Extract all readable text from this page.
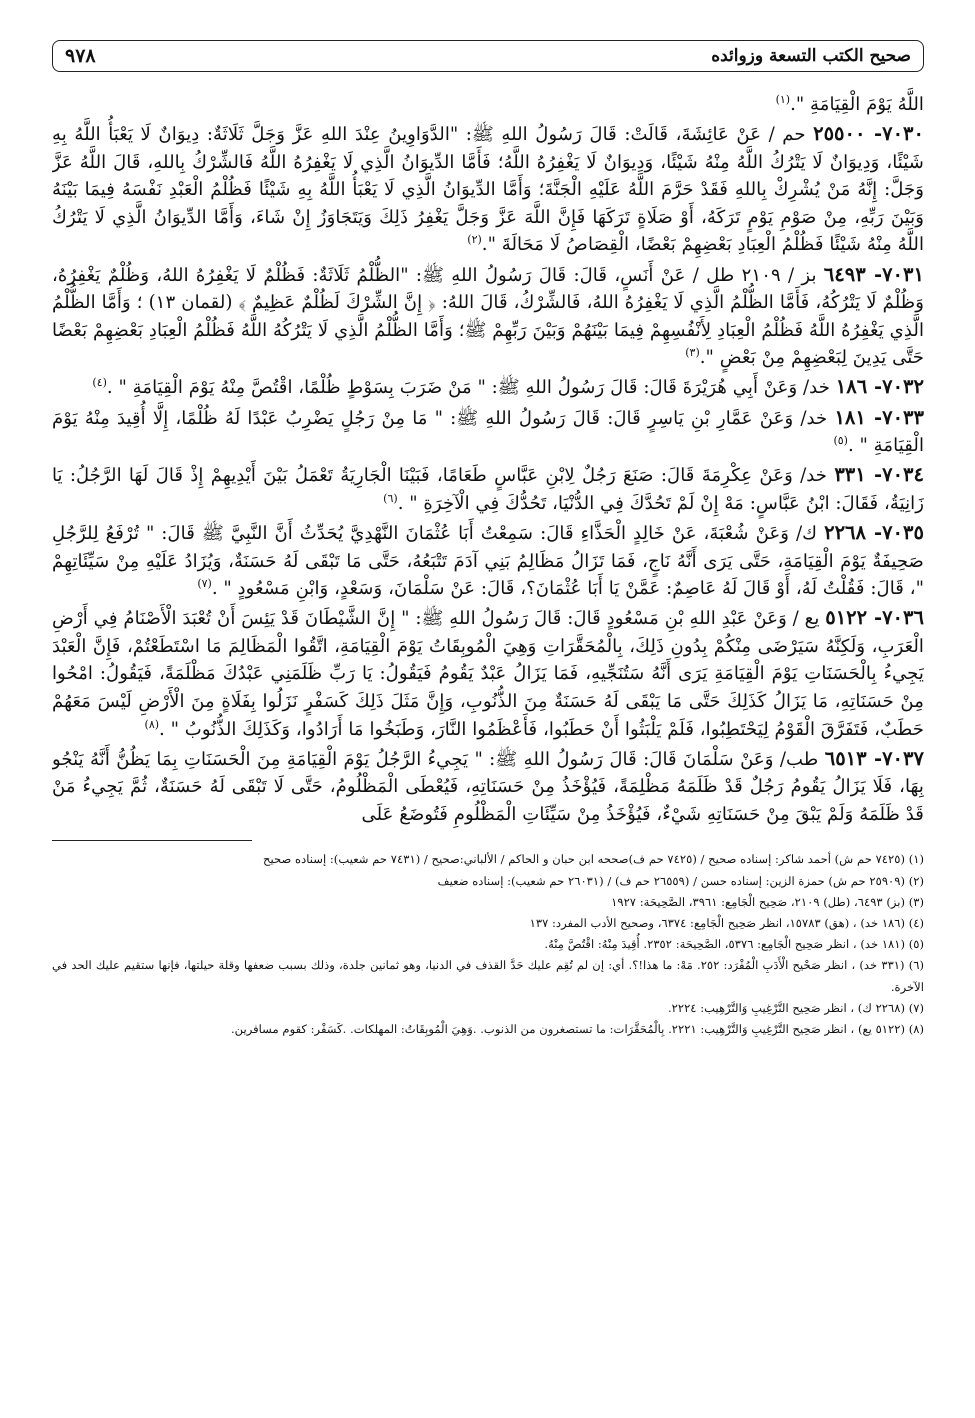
صحيح الكتب التسعة وزوائده
٩٧٨

اللَّهُ يَوْمَ الْقِيَامَةِ ".$^{(١)}$

٧٠٣٠- ٢٥٥٠٠ حم / عَنْ عَائِشَةَ، قَالَتْ: قَالَ رَسُولُ اللهِ ﷺ: "الدَّوَاوِينُ عِنْدَ اللهِ عَزَّ وَجَلَّ ثَلَاثَةٌ: دِيوَانٌ لَا يَعْبَأُ اللَّهُ بِهِ شَيْئًا، وَدِيوَانٌ لَا يَتْرُكُ اللَّهُ مِنْهُ شَيْئًا، وَدِيوَانٌ لَا يَغْفِرُهُ اللَّهُ؛ فَأَمَّا الدِّيوَانُ الَّذِي لَا يَغْفِرُهُ اللَّهُ فَالشِّرْكُ بِاللهِ، قَالَ اللَّهُ عَزَّ وَجَلَّ: إِنَّهُ مَنْ يُشْرِكْ بِاللهِ فَقَدْ حَرَّمَ اللَّهُ عَلَيْهِ الْجَنَّةَ؛ وَأَمَّا الدِّيوَانُ الَّذِي لَا يَعْبَأُ اللَّهُ بِهِ شَيْئًا فَظُلْمُ الْعَبْدِ نَفْسَهُ فِيمَا بَيْنَهُ وَبَيْنَ رَبِّهِ، مِنْ صَوْمِ يَوْمٍ تَرَكَهُ، أَوْ صَلَاةٍ تَرَكَهَا فَإِنَّ اللَّهَ عَزَّ وَجَلَّ يَغْفِرُ ذَلِكَ وَيَتَجَاوَزُ إِنْ شَاءَ، وَأَمَّا الدِّيوَانُ الَّذِي لَا يَتْرُكُ اللَّهُ مِنْهُ شَيْئًا فَظُلْمُ الْعِبَادِ بَعْضِهِمْ بَعْضًا، الْقِصَاصُ لَا مَحَالَةَ ".$^{(٢)}$

٧٠٣١- ٦٤٩٣ بز / ٢١٠٩ طل / عَنْ أَنَسٍ، قَالَ: قَالَ رَسُولُ اللهِ ﷺ: "الظُّلْمُ ثَلَاثَةٌ: فَظُلْمٌ لَا يَغْفِرُهُ اللهُ، وَظُلْمٌ يَغْفِرُهُ، وَظُلْمٌ لَا يَتْرُكُهُ، فَأَمَّا الظُّلْمُ الَّذِي لَا يَغْفِرُهُ اللهُ، فَالشِّرْكُ، قَالَ اللهُ: ﴿ إِنَّ الشِّرْكَ لَظُلْمٌ عَظِيمٌ ﴾ (لقمان ١٣) ؛ وَأَمَّا الظُّلْمُ الَّذِي يَغْفِرُهُ اللَّهُ فَظُلْمُ الْعِبَادِ لِأَنْفُسِهِمْ فِيمَا بَيْنَهُمْ وَبَيْنَ رَبِّهِمْ ﷺ؛ وَأَمَّا الظُّلْمُ الَّذِي لَا يَتْرُكُهُ اللَّهُ فَظُلْمُ الْعِبَادِ بَعْضِهِمْ بَعْضًا حَتَّى يَدِينَ لِبَعْضِهِمْ مِنْ بَعْضٍ ".$^{(٣)}$

٧٠٣٢- ١٨٦ خد/ وَعَنْ أَبِي هُرَيْرَةَ قَالَ: قَالَ رَسُولُ اللهِ ﷺ: " مَنْ ضَرَبَ بِسَوْطٍ ظُلْمًا، اقْتُصَّ مِنْهُ يَوْمَ الْقِيَامَةِ " .$^{(٤)}$

٧٠٣٣- ١٨١ خد/ وَعَنْ عَمَّارِ بْنِ يَاسِرٍ قَالَ: قَالَ رَسُولُ اللهِ ﷺ: " مَا مِنْ رَجُلٍ يَضْرِبُ عَبْدًا لَهُ ظُلْمًا، إِلَّا أُقِيدَ مِنْهُ يَوْمَ الْقِيَامَةِ " .$^{(٥)}$

٧٠٣٤- ٣٣١ خد/ وَعَنْ عِكْرِمَةَ قَالَ: صَنَعَ رَجُلٌ لِابْنِ عَبَّاسٍ طَعَامًا، فَبَيْنَا الْجَارِيَةُ تَعْمَلُ بَيْنَ أَيْدِيهِمْ إِذْ قَالَ لَهَا الرَّجُلُ: يَا زَانِيَةُ، فَقَالَ: ابْنُ عَبَّاسٍ: مَهْ إِنْ لَمْ تَحُدَّكَ فِي الدُّنْيَا، تَحُدُّكَ فِي الْآخِرَةِ " .$^{(٦)}$

٧٠٣٥- ٢٢٦٨ ك/ وَعَنْ شُعْبَةَ، عَنْ خَالِدٍ الْحَذَّاءِ قَالَ: سَمِعْتُ أَبَا عُثْمَانَ النَّهْدِيَّ يُحَدِّثُ أَنَّ النَّبِيَّ ﷺ قَالَ: " تُرْفَعُ لِلرَّجُلِ صَحِيفَةٌ يَوْمَ الْقِيَامَةِ، حَتَّى يَرَى أَنَّهُ نَاجٍ، فَمَا تَزَالُ مَظَالِمُ بَنِي آدَمَ تَتْبَعُهُ، حَتَّى مَا تَبْقَى لَهُ حَسَنَةٌ، وَيُزَادُ عَلَيْهِ مِنْ سَيِّئَاتِهِمْ "، قَالَ: فَقُلْتُ لَهُ، أَوْ قَالَ لَهُ عَاصِمٌ: عَمَّنْ يَا أَبَا عُثْمَانَ؟، قَالَ: عَنْ سَلْمَانَ، وَسَعْدٍ، وَابْنِ مَسْعُودٍ " .$^{(٧)}$

٧٠٣٦- ٥١٢٢ يع / وَعَنْ عَبْدِ اللهِ بْنِ مَسْعُودٍ قَالَ: قَالَ رَسُولُ اللهِ ﷺ: " إِنَّ الشَّيْطَانَ قَدْ يَئِسَ أَنْ تُعْبَدَ الْأَصْنَامُ فِي أَرْضِ الْعَرَبِ، وَلَكِنَّهُ سَيَرْضَى مِنْكُمْ بِدُونِ ذَلِكَ، بِالْمُحَقَّرَاتِ وَهِيَ الْمُوبِقَاتُ يَوْمَ الْقِيَامَةِ، اتَّقُوا الْمَظَالِمَ مَا اسْتَطَعْتُمْ، فَإِنَّ الْعَبْدَ يَجِيءُ بِالْحَسَنَاتِ يَوْمَ الْقِيَامَةِ يَرَى أَنَّهُ سَتُنَجِّيهِ، فَمَا يَزَالُ عَبْدٌ يَقُومُ فَيَقُولُ: يَا رَبِّ ظَلَمَنِي عَبْدُكَ مَظْلَمَةً، فَيَقُولُ: امْحُوا مِنْ حَسَنَاتِهِ، مَا يَزَالُ كَذَلِكَ حَتَّى مَا يَبْقَى لَهُ حَسَنَةٌ مِنَ الذُّنُوبِ، وَإِنَّ مَثَلَ ذَلِكَ كَسَفْرٍ نَزَلُوا بِفَلَاةٍ مِنَ الْأَرْضِ لَيْسَ مَعَهُمْ حَطَبٌ، فَتَفَرَّقَ الْقَوْمُ لِيَحْتَطِبُوا، فَلَمْ يَلْبَثُوا أَنْ حَطَبُوا، فَأَعْظَمُوا النَّارَ، وَطَبَخُوا مَا أَرَادُوا، وَكَذَلِكَ الذُّنُوبُ " .$^{(٨)}$

٧٠٣٧- ٦٥١٣ طب/ وَعَنْ سَلْمَانَ قَالَ: قَالَ رَسُولُ اللهِ ﷺ: " يَجِيءُ الرَّجُلُ يَوْمَ الْقِيَامَةِ مِنَ الْحَسَنَاتِ بِمَا يَظُنُّ أَنَّهُ يَنْجُو بِهَا، فَلَا يَزَالُ يَقُومُ رَجُلٌ قَدْ ظَلَمَهُ مَظْلِمَةً، فَيُؤْخَذُ مِنْ حَسَنَاتِهِ، فَيُعْطَى الْمَظْلُومُ، حَتَّى لَا تَبْقَى لَهُ حَسَنَةٌ، ثُمَّ يَجِيءُ مَنْ قَدْ ظَلَمَهُ وَلَمْ يَبْقَ مِنْ حَسَنَاتِهِ شَيْءٌ، فَيُؤْخَذُ مِنْ سَيِّئَاتِ الْمَظْلُومِ فَتُوضَعُ عَلَى

(١) (٧٤٢٥ حم ش) أحمد شاكر: إسناده صحيح / (٧٤٢٥ حم ف)صححه ابن حبان و الحاكم / الألباني:صحيح / (٧٤٣١ حم شعيب): إسناده صحيح

(٢) (٢٥٩٠٩ حم ش) حمزة الزين: إسناده حسن / (٢٦٥٥٩ حم ف) / (٢٦٠٣١ حم شعيب): إسناده ضعيف

(٣) (بز) ٦٤٩٣، (طل) ٢١٠٩، صَحِيح الْجَامِع: ٣٩٦١، الصَّحِيحَة: ١٩٢٧

(٤) (١٨٦ خد) ، (هق) ١٥٧٨٣، انظر صَحِيح الْجَامِع: ٦٣٧٤، وصحيح الأدب المفرد: ١٣٧

(٥) (١٨١ خد) ، انظر صَحِيح الْجَامِع: ٥٣٧٦، الصَّحِيحَة: ٢٣٥٢. أُقِيدَ مِنْهُ: اقْتُصَّ مِنْهُ.

(٦) (٣٣١ خد) ، انظر صَحْيح الْأَدَبِ الْمُفْرَد: ٢٥٢. مَهْ: ما هذا!؟. أي: إن لم تُقِم عليك حَدَّ القذف في الدنيا، وهو ثمانين جلدة، وذلك بسبب ضعفها وقلة حيلتها، فإنها ستقيم عليك الحد في الآخرة.

(٧) (٢٢٦٨ ك) ، انظر صَحِيح التَّرْغِيبِ وَالتَّرْهِيب: ٢٢٢٤.

(٨) (٥١٢٢ يع) ، انظر صَحِيح التَّرْغِيبِ وَالتَّرْهِيب: ٢٢٢١. بِالْمُحَقَّرَات: ما تستصغرون من الذنوب. .وَهِيَ الْمُوبِقَاتُ: المهلكات. .كَسَفْر: كقوم مسافرين.
